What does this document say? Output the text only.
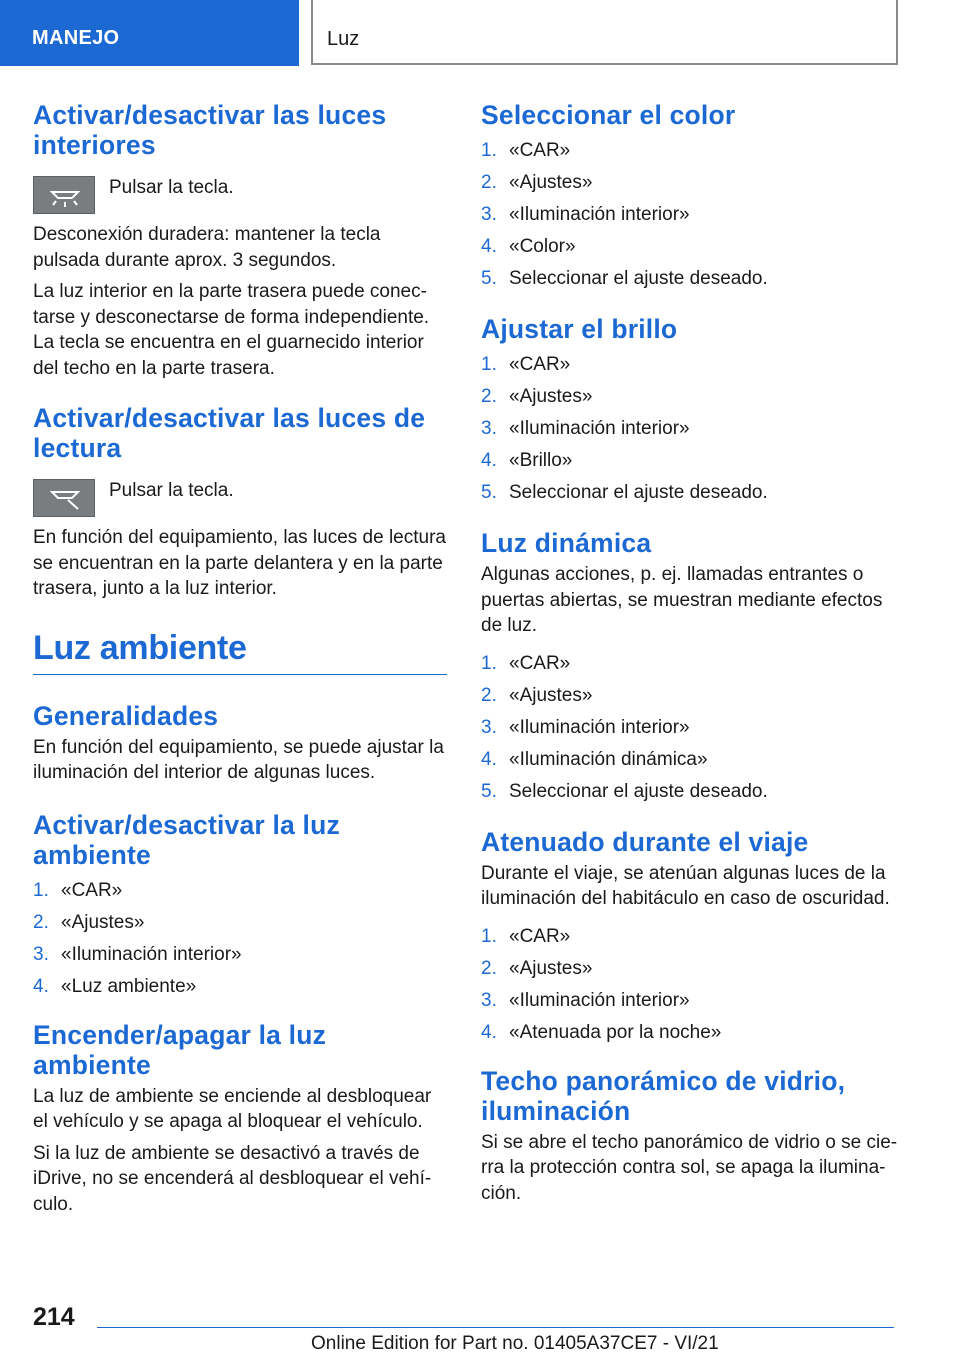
MANEJO	Luz
Activar/desactivar las luces interiores
Pulsar la tecla.

Desconexión duradera: mantener la tecla pulsada durante aprox. 3 segundos.

La luz interior en la parte trasera puede conec‐tarse y desconectarse de forma independiente. La tecla se encuentra en el guarnecido interior del techo en la parte trasera.

Activar/desactivar las luces de lectura
Pulsar la tecla.

En función del equipamiento, las luces de lectura se encuentran en la parte delantera y en la parte trasera, junto a la luz interior.

Luz ambiente
Generalidades

En función del equipamiento, se puede ajustar la iluminación del interior de algunas luces.

Activar/desactivar la luz ambiente
1. «CAR»
2. «Ajustes»
3. «Iluminación interior»
4. «Luz ambiente»
Encender/apagar la luz ambiente

La luz de ambiente se enciende al desbloquear el vehículo y se apaga al bloquear el vehículo.

Si la luz de ambiente se desactivó a través de iDrive, no se encenderá al desbloquear el vehí‐culo.

Seleccionar el color
1. «CAR»
2. «Ajustes»
3. «Iluminación interior»
4. «Color»
5. Seleccionar el ajuste deseado.
Ajustar el brillo
1. «CAR»
2. «Ajustes»
3. «Iluminación interior»
4. «Brillo»
5. Seleccionar el ajuste deseado.
Luz dinámica

Algunas acciones, p. ej. llamadas entrantes o puertas abiertas, se muestran mediante efectos de luz.

1. «CAR»
2. «Ajustes»
3. «Iluminación interior»
4. «Iluminación dinámica»
5. Seleccionar el ajuste deseado.
Atenuado durante el viaje

Durante el viaje, se atenúan algunas luces de la iluminación del habitáculo en caso de oscuridad.

1. «CAR»
2. «Ajustes»
3. «Iluminación interior»
4. «Atenuada por la noche»
Techo panorámico de vidrio, iluminación

Si se abre el techo panorámico de vidrio o se cie‐rra la protección contra sol, se apaga la ilumina‐ción.

214
Online Edition for Part no. 01405A37CE7 - VI/21
